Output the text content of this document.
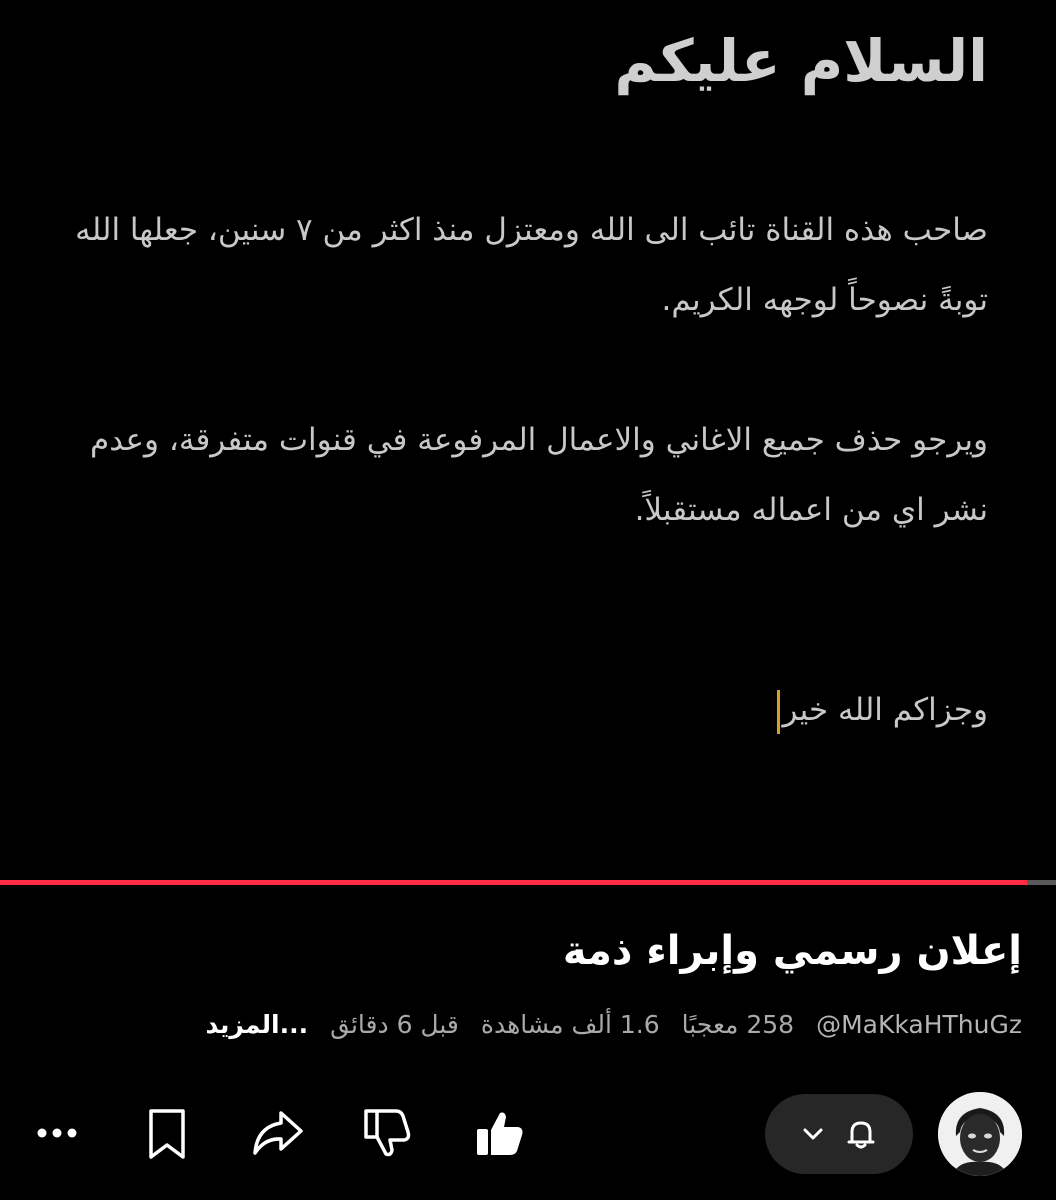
السلام عليكم

صاحب هذه القناة تائب الى الله ومعتزل منذ اكثر من ٧ سنين، جعلها الله توبةً نصوحاً لوجهه الكريم.

ويرجو حذف جميع الاغاني والاعمال المرفوعة في قنوات متفرقة، وعدم نشر اي من اعماله مستقبلاً.

وجزاكم الله خير
إعلان رسمي وإبراء ذمة
@MaKkaHThuGz
258 معجبًا
1.6 ألف مشاهدة
قبل 6 دقائق
...المزيد
